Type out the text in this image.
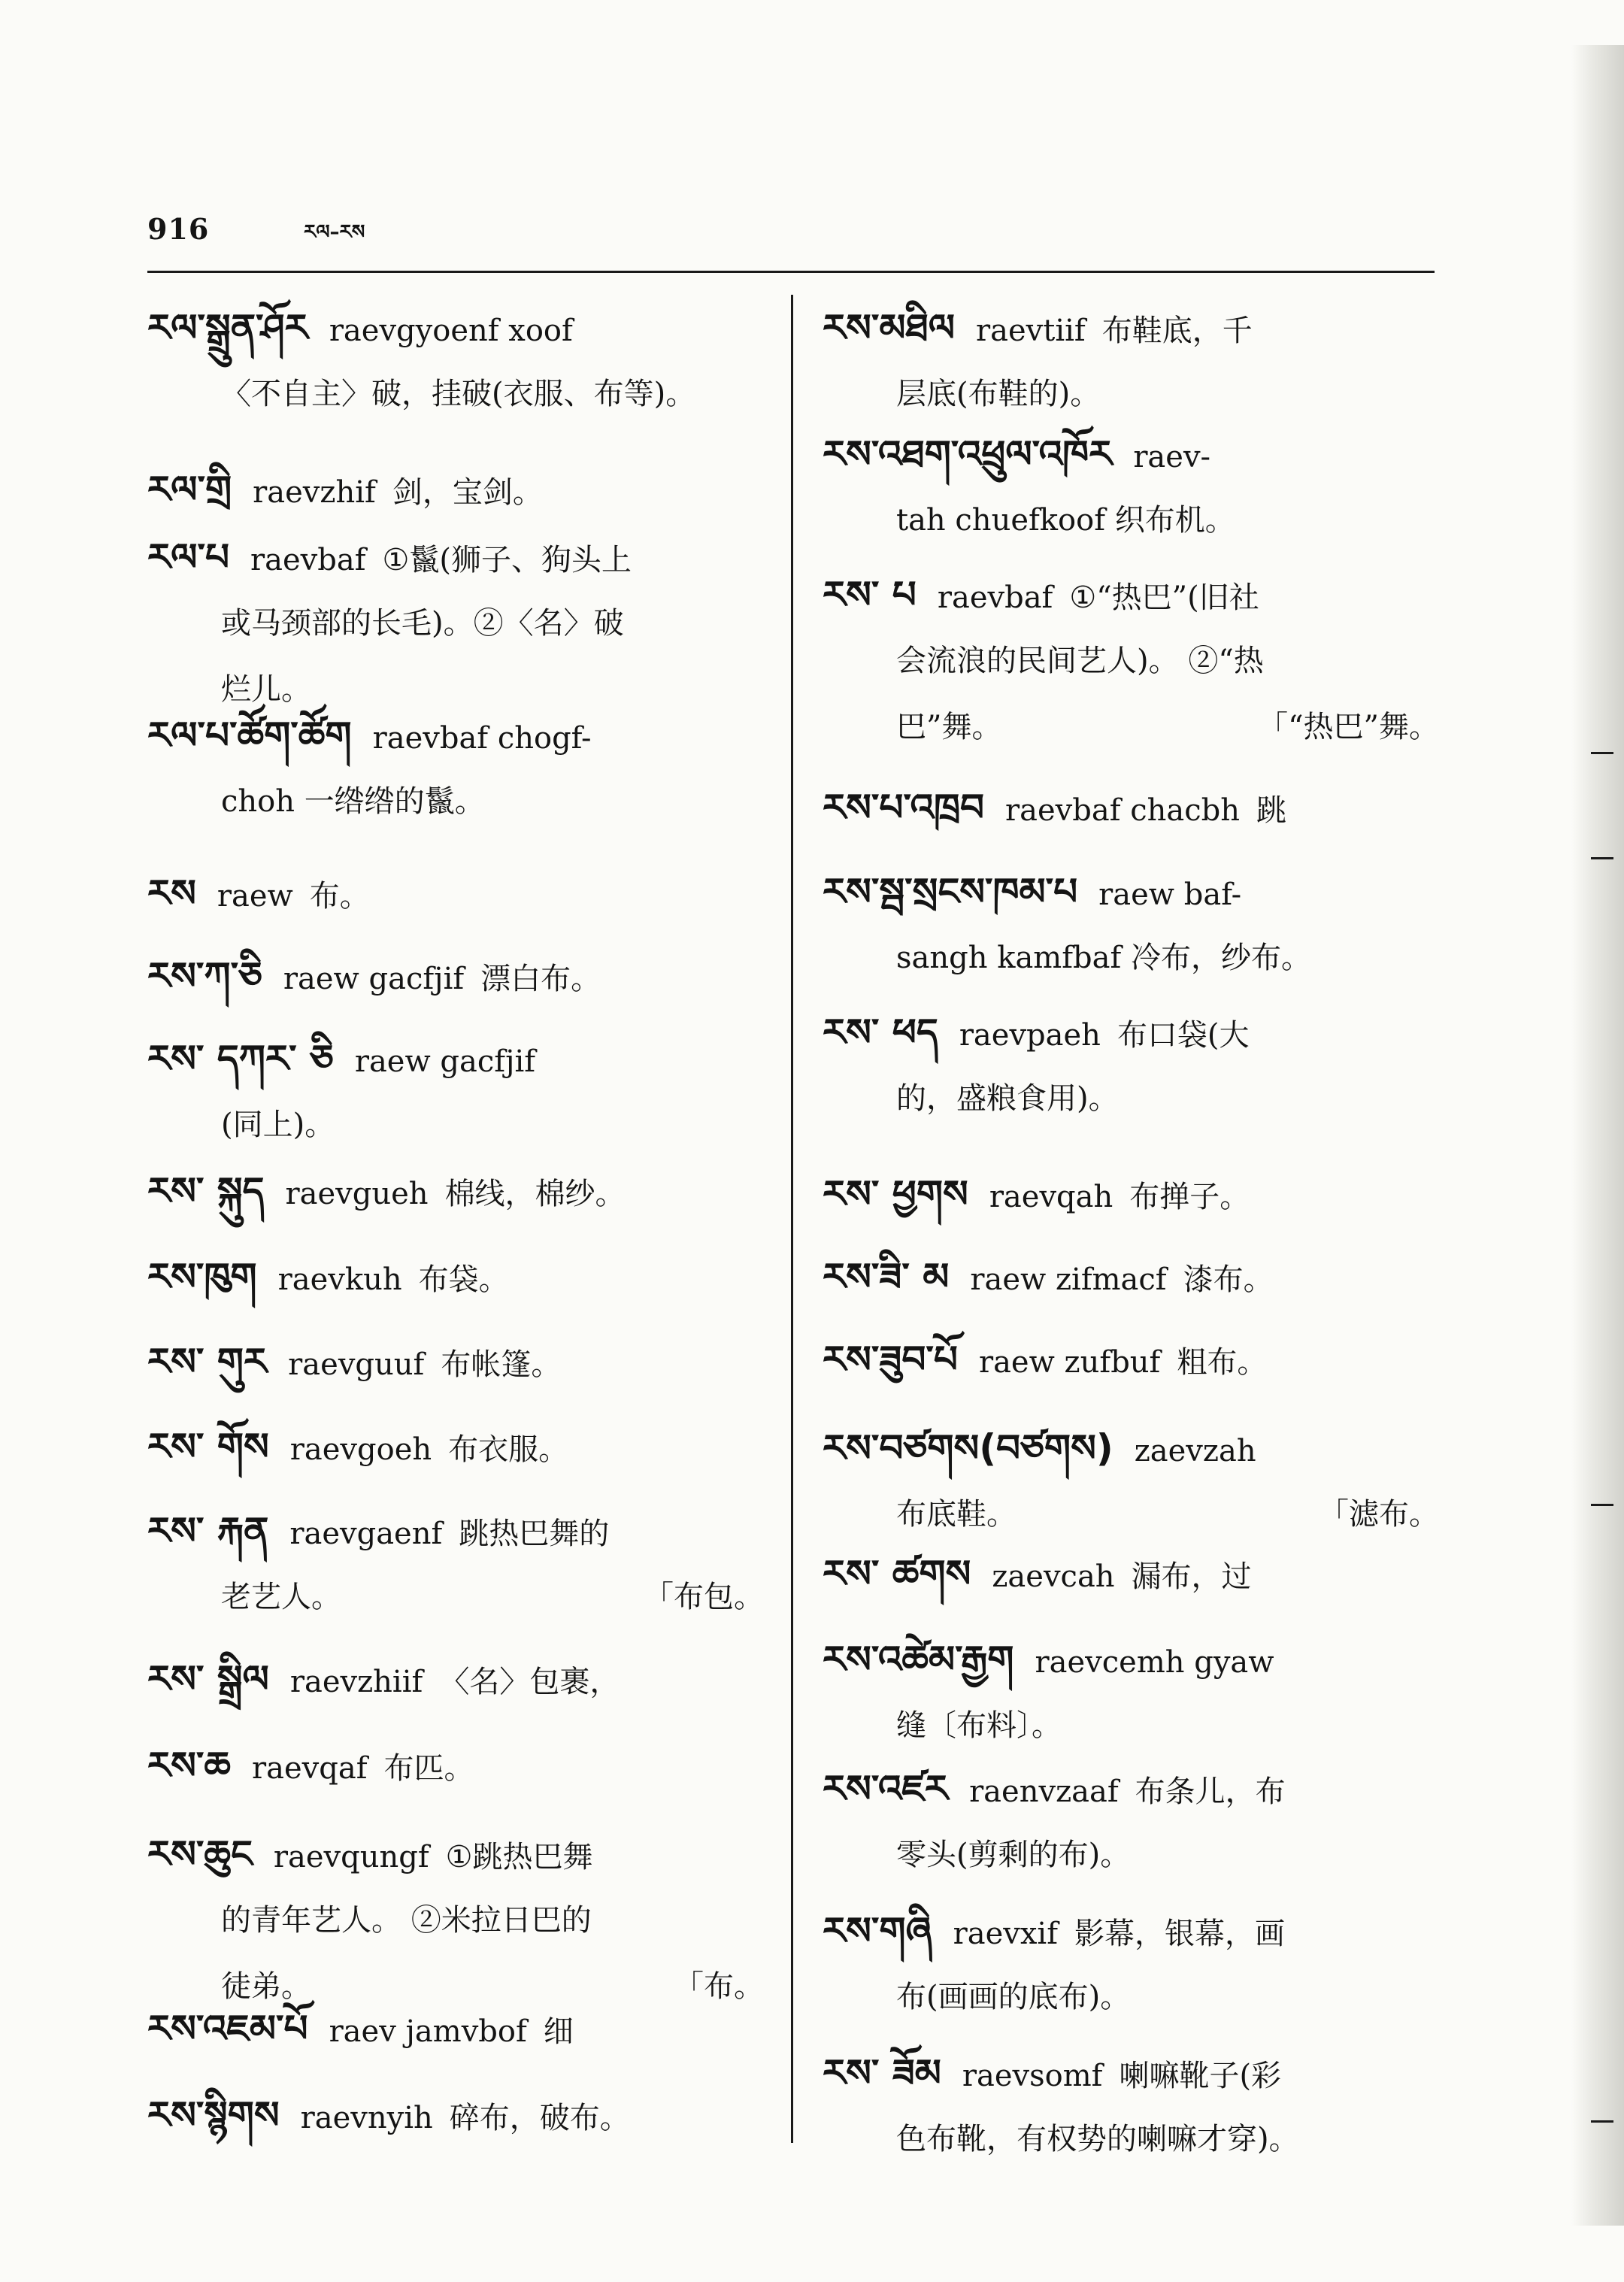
916	རལ–རས
རལ་སྒྲུན་ཤོར raevgyoenf xoof
〈不自主〉破，挂破(衣服、布等)。
རལ་གྲི raevzhif 剑，宝剑。
རལ་པ raevbaf ①鬣(狮子、狗头上
或马颈部的长毛)。②〈名〉破
烂儿。
རལ་པ་ཚོག་ཚོག raevbaf chogf-
choh 一绺绺的鬣。
རས raew 布。
རས་ཀ་ཅི raew gacfjif 漂白布。
རས་ དཀར་ ཅི raew gacfjif
(同上)。
རས་ སྐུད raevgueh 棉线，棉纱。
རས་ཁུག raevkuh 布袋。
རས་ གུར raevguuf 布帐篷。
རས་ གོས raevgoeh 布衣服。
རས་ རྐན raevgaenf 跳热巴舞的
老艺人。	「布包。
རས་ སྒྲིལ raevzhiif 〈名〉包裹，
རས་ཆ raevqaf 布匹。
རས་ཆུང raevqungf ①跳热巴舞
的青年艺人。 ②米拉日巴的
徒弟。	「布。
རས་འཇམ་པོ raev jamvbof 细
རས་སྙིགས raevnyih 碎布，破布。
རས་མཐིལ raevtiif 布鞋底，千
层底(布鞋的)。
རས་འཐག་འཕྲུལ་འཁོར raev-
tah chuefkoof 织布机。
རས་ པ raevbaf ①“热巴”(旧社
会流浪的民间艺人)。 ②“热
巴”舞。	「“热巴”舞。
རས་པ་འཁྲབ raevbaf chacbh 跳
རས་སྦ་སྲངས་ཁམ་པ raew baf-
sangh kamfbaf 冷布，纱布。
རས་ ཕད raevpaeh 布口袋(大
的，盛粮食用)。
རས་ ཕྱགས raevqah 布掸子。
རས་ཟི་ མ raew zifmacf 漆布。
རས་ཟུབ་པོ raew zufbuf 粗布。
རས་བཙགས(བཙགས) zaevzah
布底鞋。	「滤布。
རས་ ཚགས zaevcah 漏布，过
རས་འཚེམ་རྒྱག raevcemh gyaw
缝〔布料〕。
རས་འཛར raenvzaaf 布条儿，布
零头(剪剩的布)。
རས་གཞི raevxif 影幕，银幕，画
布(画画的底布)。
རས་ ཟོམ raevsomf 喇嘛靴子(彩
色布靴，有权势的喇嘛才穿)。
